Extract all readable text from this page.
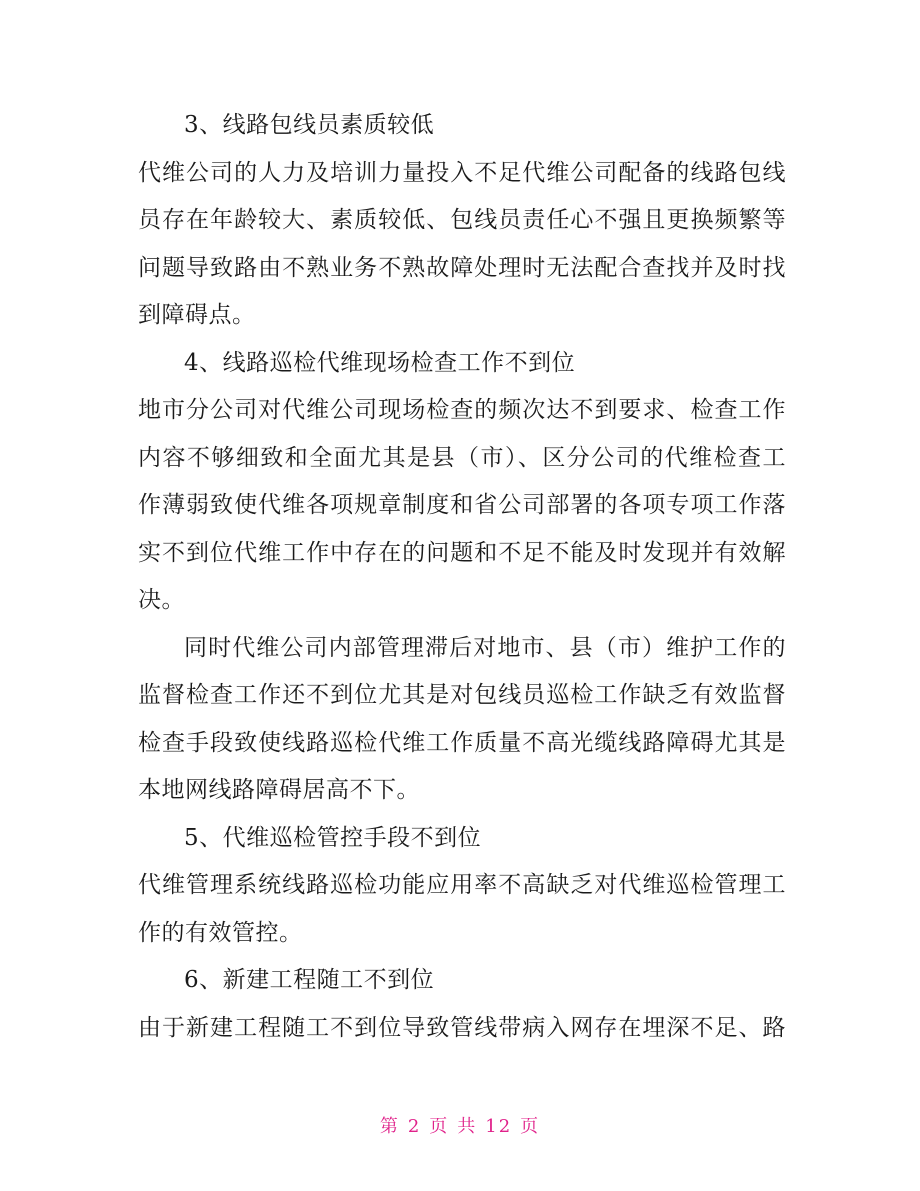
3、线路包线员素质较低
代维公司的人力及培训力量投入不足代维公司配备的线路包线
员存在年龄较大、素质较低、包线员责任心不强且更换频繁等
问题导致路由不熟业务不熟故障处理时无法配合查找并及时找
到障碍点。
4、线路巡检代维现场检查工作不到位
地市分公司对代维公司现场检查的频次达不到要求、检查工作
内容不够细致和全面尤其是县（市）、区分公司的代维检查工
作薄弱致使代维各项规章制度和省公司部署的各项专项工作落
实不到位代维工作中存在的问题和不足不能及时发现并有效解
决。
同时代维公司内部管理滞后对地市、县（市）维护工作的
监督检查工作还不到位尤其是对包线员巡检工作缺乏有效监督
检查手段致使线路巡检代维工作质量不高光缆线路障碍尤其是
本地网线路障碍居高不下。
5、代维巡检管控手段不到位
代维管理系统线路巡检功能应用率不高缺乏对代维巡检管理工
作的有效管控。
6、新建工程随工不到位
由于新建工程随工不到位导致管线带病入网存在埋深不足、路
第 2 页 共 12 页
